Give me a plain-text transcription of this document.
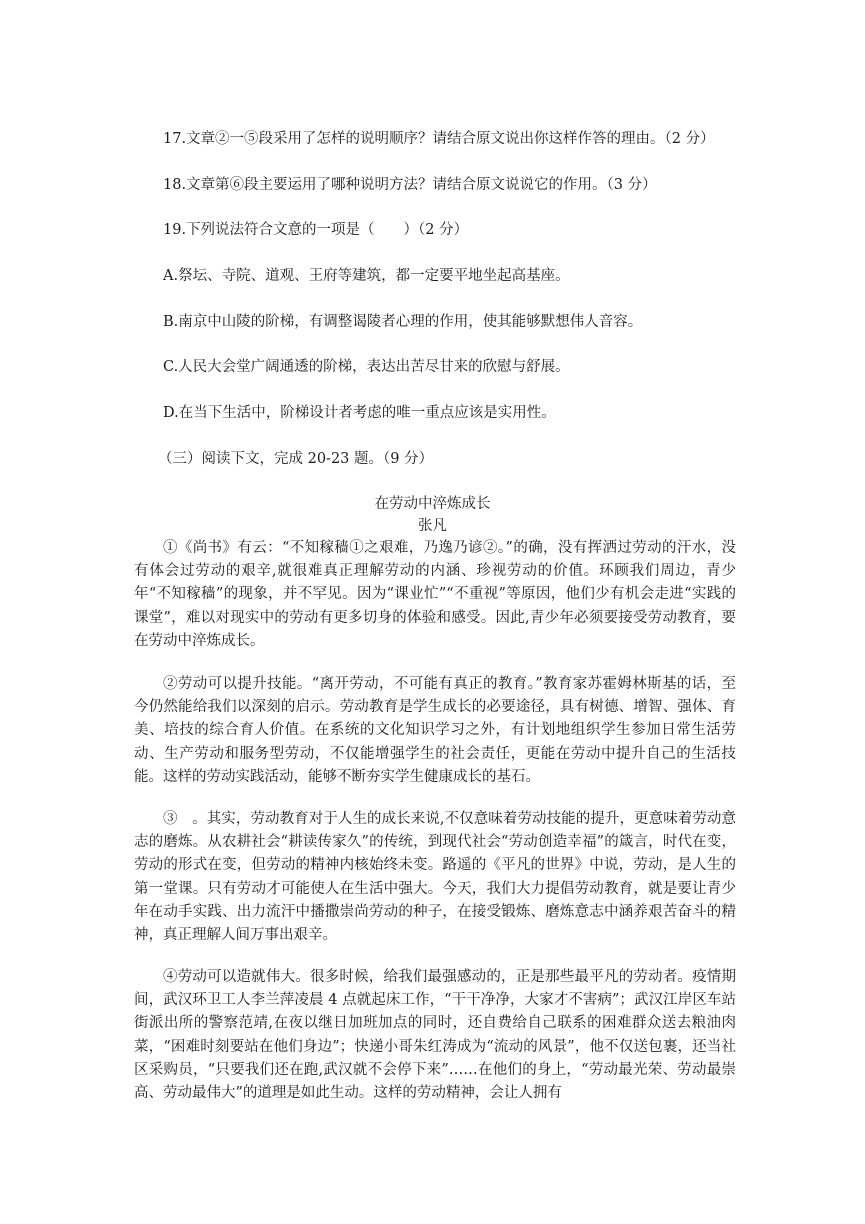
17.文章②一⑤段采用了怎样的说明顺序？请结合原文说出你这样作答的理由。（2 分）
18.文章第⑥段主要运用了哪种说明方法？请结合原文说说它的作用。（3 分）
19.下列说法符合文意的一项是（　　）（2 分）
A.祭坛、寺院、道观、王府等建筑，都一定要平地坐起高基座。
B.南京中山陵的阶梯，有调整谒陵者心理的作用，使其能够默想伟人音容。
C.人民大会堂广阔通透的阶梯，表达出苦尽甘来的欣慰与舒展。
D.在当下生活中，阶梯设计者考虑的唯一重点应该是实用性。
（三）阅读下文，完成 20-23 题。（9 分）
在劳动中淬炼成长
张凡
①《尚书》有云：“不知稼穑①之艰难，乃逸乃谚②。”的确，没有挥洒过劳动的汗水，没有体会过劳动的艰辛,就很难真正理解劳动的内涵、珍视劳动的价值。环顾我们周边，青少年“不知稼穑”的现象，并不罕见。因为“课业忙”“不重视”等原因，他们少有机会走进“实践的课堂”，难以对现实中的劳动有更多切身的体验和感受。因此,青少年必须要接受劳动教育，要在劳动中淬炼成长。
②劳动可以提升技能。“离开劳动，不可能有真正的教育。”教育家苏霍姆林斯基的话，至今仍然能给我们以深刻的启示。劳动教育是学生成长的必要途径，具有树德、增智、强体、育美、培技的综合育人价值。在系统的文化知识学习之外，有计划地组织学生参加日常生活劳动、生产劳动和服务型劳动，不仅能增强学生的社会责任，更能在劳动中提升自己的生活技能。这样的劳动实践活动，能够不断夯实学生健康成长的基石。
③　。其实，劳动教育对于人生的成长来说,不仅意味着劳动技能的提升，更意味着劳动意志的磨炼。从农耕社会“耕读传家久”的传统，到现代社会“劳动创造幸福”的箴言，时代在变，劳动的形式在变，但劳动的精神内核始终未变。路遥的《平凡的世界》中说，劳动，是人生的第一堂课。只有劳动才可能使人在生活中强大。今天，我们大力提倡劳动教育，就是要让青少年在动手实践、出力流汗中播撒崇尚劳动的种子，在接受锻炼、磨炼意志中涵养艰苦奋斗的精神，真正理解人间万事出艰辛。
④劳动可以造就伟大。很多时候，给我们最强感动的，正是那些最平凡的劳动者。疫情期间，武汉环卫工人李兰萍凌晨 4 点就起床工作，“干干净净，大家才不害病”；武汉江岸区车站街派出所的警察范靖,在夜以继日加班加点的同时，还自费给自己联系的困难群众送去粮油肉菜，“困难时刻要站在他们身边”；快递小哥朱红涛成为“流动的风景”，他不仅送包裹，还当社区采购员，“只要我们还在跑,武汉就不会停下来”……在他们的身上，“劳动最光荣、劳动最崇高、劳动最伟大”的道理是如此生动。这样的劳动精神，会让人拥有
